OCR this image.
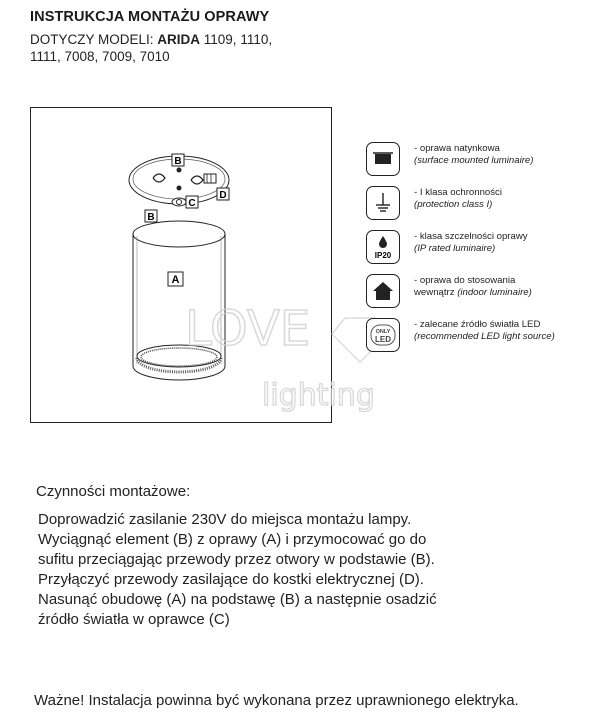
INSTRUKCJA MONTAŻU OPRAWY
DOTYCZY MODELI: ARIDA 1109, 1110,
1111, 7008, 7009, 7010
B
D
C
B
A
LOVE
lighting
- oprawa natynkowa
(surface mounted luminaire)
- I klasa ochronności
(protection class I)
IP20
- klasa szczelności oprawy
(IP rated luminaire)
- oprawa do stosowania
wewnątrz (indoor luminaire)
ONLY
LED
- zalecane źródło światła LED
(recommended LED light source)
Czynności montażowe:
Doprowadzić zasilanie 230V do miejsca montażu lampy.
Wyciągnąć element (B) z oprawy (A) i przymocować go do
sufitu przeciągając przewody przez otwory w podstawie (B).
Przyłączyć przewody zasilające do kostki elektrycznej (D).
Nasunąć obudowę (A) na podstawę (B) a następnie osadzić
źródło światła w oprawce (C)
Ważne! Instalacja powinna być wykonana przez uprawnionego elektryka.
